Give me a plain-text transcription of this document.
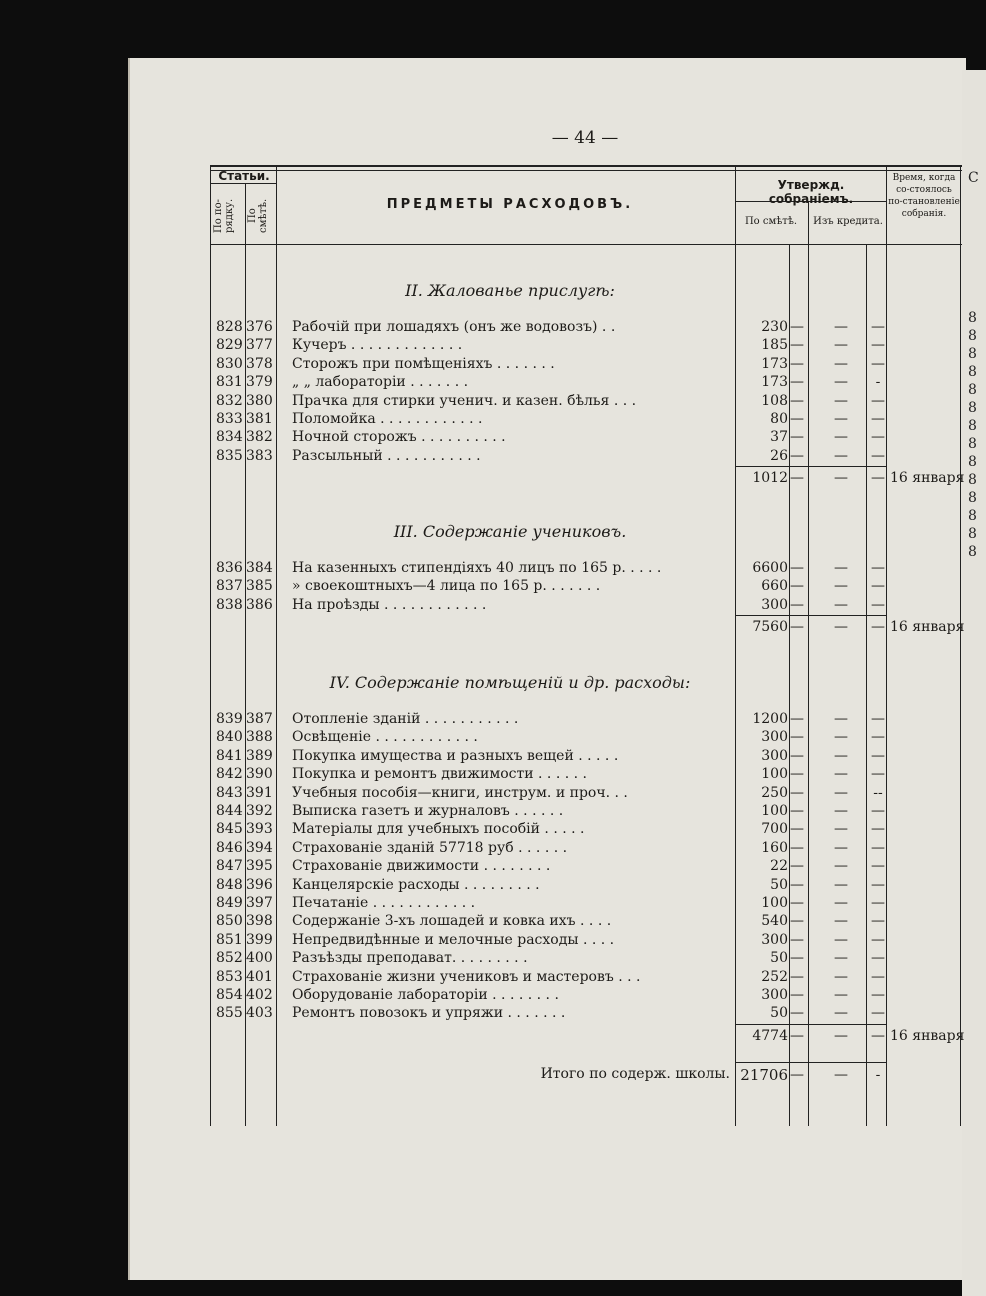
С
8
8
8
8
8
8
8
8
8
8
8
8
8
8
— 44 —
Статьи.
По по-рядку.	По смѣтѣ.	ПРЕДМЕТЫ РАСХОДОВЪ.
Утвержд. собраніемъ.
По смѣтѣ.	Изъ кредита.
Время, когда со-стоялось по-становленіе собранія.
II. Жалованье прислугѣ:
828 376	Рабочій при лошадяхъ (онъ же водовозъ) . .	230 — — —
829 377	Кучеръ . . . . . . . . . . . . .	185 — — —
830 378	Сторожъ при помѣщеніяхъ . . . . . . .	173 — — —
831 379	„ „ лабораторіи . . . . . . .	173 — —	-
832 380	Прачка для стирки ученич. и казен. бѣлья . . .	108 — — —
833 381	Поломойка . . . . . . . . . . . .	80 — — —
834 382	Ночной сторожъ . . . . . . . . . .	37 — — —
835 383	Разсыльный . . . . . . . . . . .	26 — — —
1012 — — — 16 января
III. Содержаніе учениковъ.
836 384	На казенныхъ стипендіяхъ 40 лицъ по 165 р. . . . .	6600 — — —
837 385	» своекоштныхъ—4 лица по 165 р. . . . . . .	660 — — —
838 386	На проѣзды . . . . . . . . . . . .	300 — — —
7560 — — — 16 января
IV. Содержаніе помѣщеній и др. расходы:
839 387	Отопленіе зданій . . . . . . . . . . .	1200 — — —
840 388	Освѣщеніе . . . . . . . . . . . .	300 — — —
841 389	Покупка имущества и разныхъ вещей . . . . .	300 — — —
842 390	Покупка и ремонтъ движимости . . . . . .	100 — — —
843 391	Учебныя пособія—книги, инструм. и проч. . .	250 — — --
844 392	Выписка газетъ и журналовъ . . . . . .	100 — — —
845 393	Матеріалы для учебныхъ пособій . . . . .	700 — — —
846 394	Страхованіе зданій 57718 руб . . . . . .	160 — — —
847 395	Страхованіе движимости . . . . . . . .	22 — — —
848 396	Канцелярскіе расходы . . . . . . . . .	50 — — —
849 397	Печатаніе . . . . . . . . . . . .	100 — — —
850 398	Содержаніе 3-хъ лошадей и ковка ихъ . . . .	540 — — —
851 399	Непредвидѣнные и мелочные расходы . . . .	300 — — —
852 400	Разъѣзды преподават. . . . . . . . .	50 — — —
853 401	Страхованіе жизни учениковъ и мастеровъ . . .	252 — — —
854 402	Оборудованіе лабораторіи . . . . . . . .	300 — — —
855 403	Ремонтъ повозокъ и упряжи . . . . . . .	50 — — —
4774 — — — 16 января
Итого по содерж. школы. 21706 — —	-
